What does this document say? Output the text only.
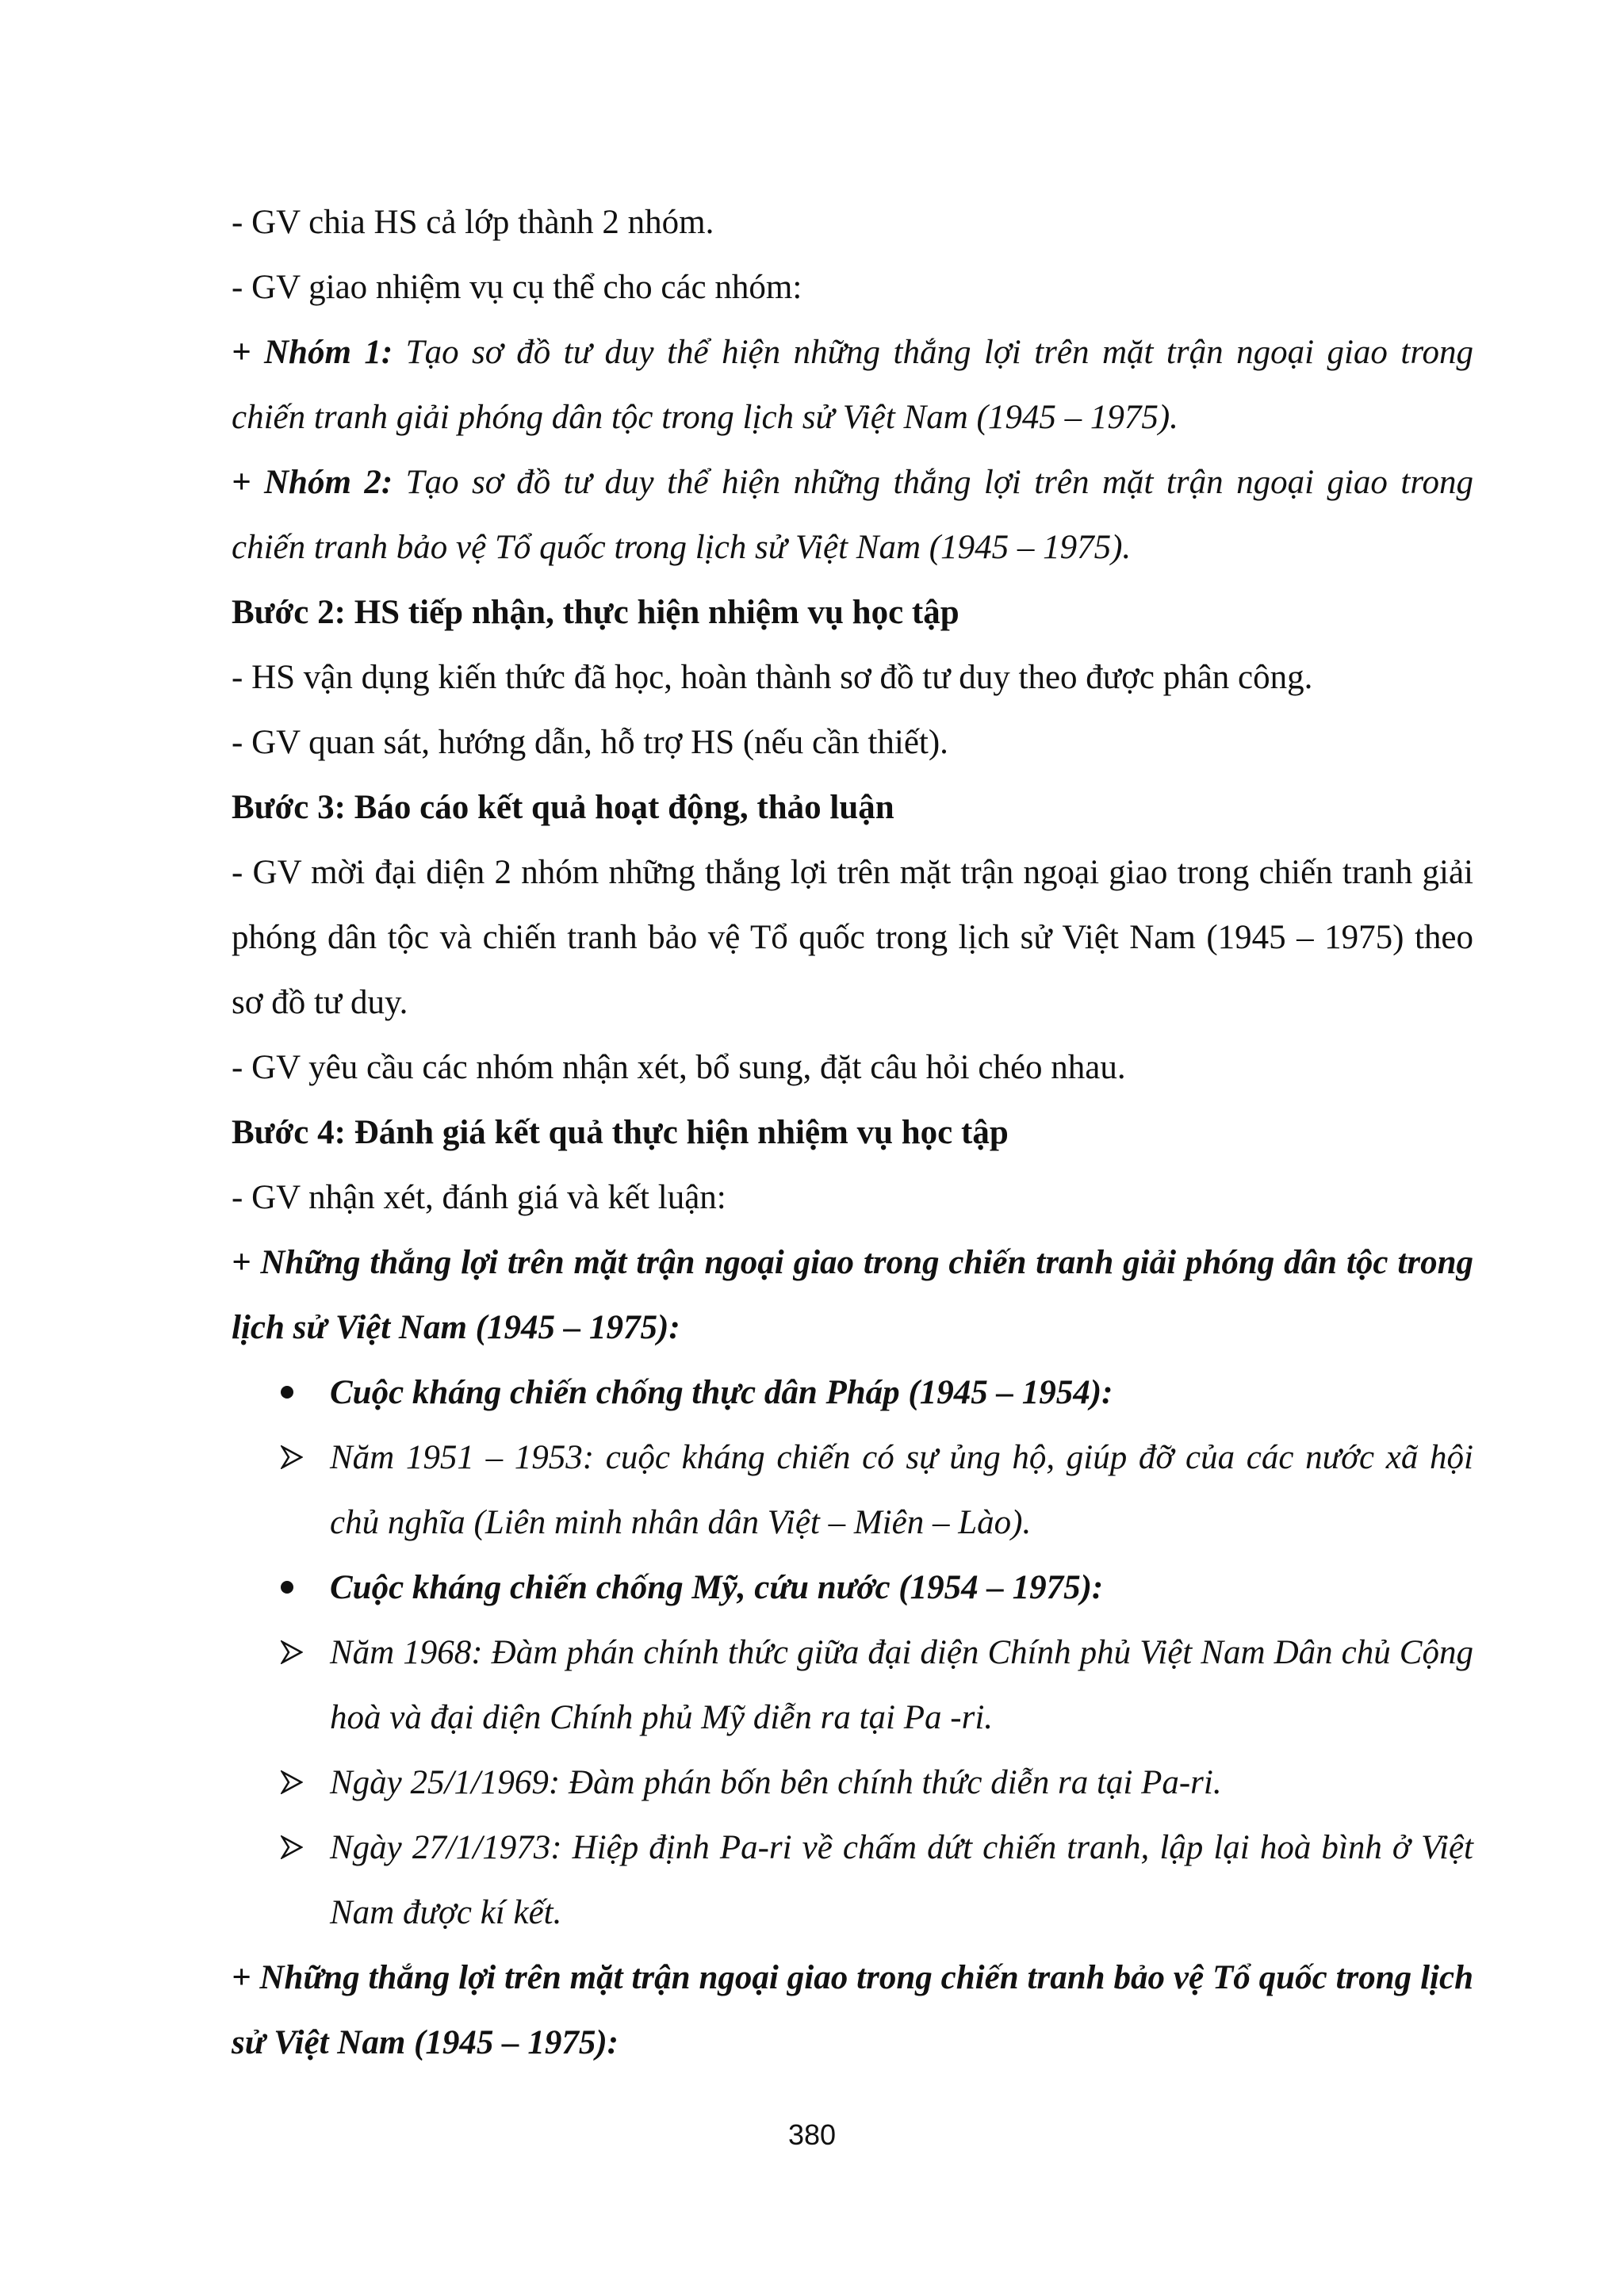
- GV chia HS cả lớp thành 2 nhóm.
- GV giao nhiệm vụ cụ thể cho các nhóm:
+ Nhóm 1: Tạo sơ đồ tư duy thể hiện những thắng lợi trên mặt trận ngoại giao trong chiến tranh giải phóng dân tộc trong lịch sử Việt Nam (1945 – 1975).
+ Nhóm 2: Tạo sơ đồ tư duy thể hiện những thắng lợi trên mặt trận ngoại giao trong chiến tranh bảo vệ Tổ quốc trong lịch sử Việt Nam (1945 – 1975).
Bước 2: HS tiếp nhận, thực hiện nhiệm vụ học tập
- HS vận dụng kiến thức đã học, hoàn thành sơ đồ tư duy theo được phân công.
- GV quan sát, hướng dẫn, hỗ trợ HS (nếu cần thiết).
Bước 3: Báo cáo kết quả hoạt động, thảo luận
- GV mời đại diện 2 nhóm những thắng lợi trên mặt trận ngoại giao trong chiến tranh giải phóng dân tộc và chiến tranh bảo vệ Tổ quốc trong lịch sử Việt Nam (1945 – 1975) theo sơ đồ tư duy.
- GV yêu cầu các nhóm nhận xét, bổ sung, đặt câu hỏi chéo nhau.
Bước 4: Đánh giá kết quả thực hiện nhiệm vụ học tập
- GV nhận xét, đánh giá và kết luận:
+ Những thắng lợi trên mặt trận ngoại giao trong chiến tranh giải phóng dân tộc trong lịch sử Việt Nam (1945 – 1975):
Cuộc kháng chiến chống thực dân Pháp (1945 – 1954):
Năm 1951 – 1953: cuộc kháng chiến có sự ủng hộ, giúp đỡ của các nước xã hội chủ nghĩa (Liên minh nhân dân Việt – Miên – Lào).
Cuộc kháng chiến chống Mỹ, cứu nước (1954 – 1975):
Năm 1968: Đàm phán chính thức giữa đại diện Chính phủ Việt Nam Dân chủ Cộng hoà và đại diện Chính phủ Mỹ diễn ra tại Pa -ri.
Ngày 25/1/1969: Đàm phán bốn bên chính thức diễn ra tại Pa-ri.
Ngày 27/1/1973: Hiệp định Pa-ri về chấm dứt chiến tranh, lập lại hoà bình ở Việt Nam được kí kết.
+ Những thắng lợi trên mặt trận ngoại giao trong chiến tranh bảo vệ Tổ quốc trong lịch sử Việt Nam (1945 – 1975):
380
